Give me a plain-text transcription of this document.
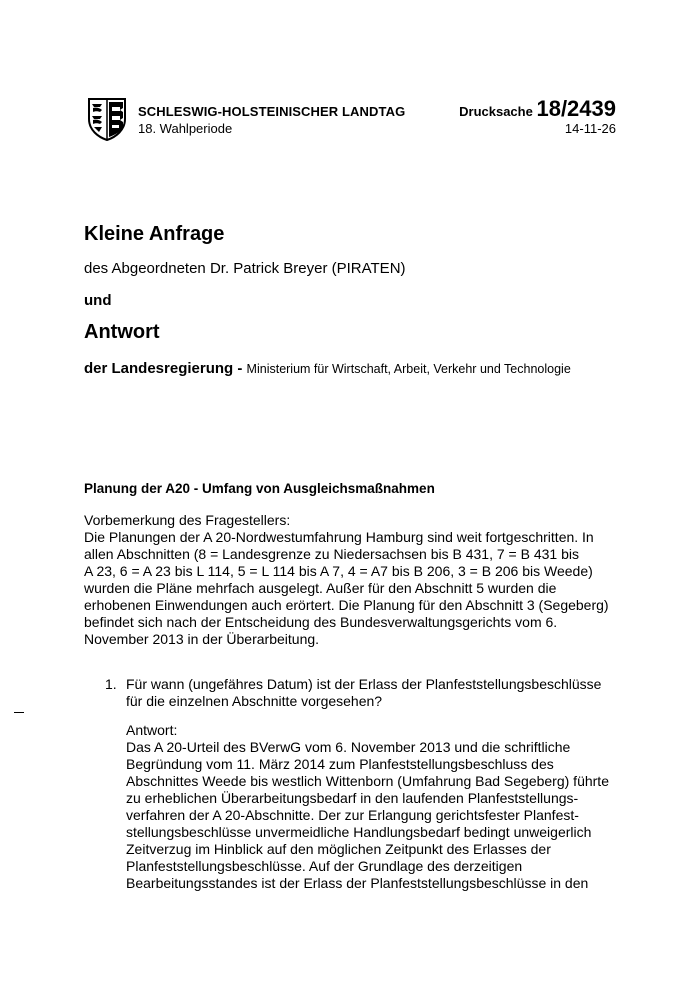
SCHLESWIG-HOLSTEINISCHER LANDTAG
18. Wahlperiode
Drucksache 18/2439
14-11-26
Kleine Anfrage
des Abgeordneten Dr. Patrick Breyer (PIRATEN)
und
Antwort
der Landesregierung - Ministerium für Wirtschaft, Arbeit, Verkehr und Technologie
Planung der A20 - Umfang von Ausgleichsmaßnahmen
Vorbemerkung des Fragestellers:
Die Planungen der A 20-Nordwestumfahrung Hamburg sind weit fortgeschritten. In
allen Abschnitten (8 = Landesgrenze zu Niedersachsen bis B 431, 7 = B 431 bis
A 23, 6 = A 23 bis L 114, 5 = L 114 bis A 7, 4 = A7 bis B 206, 3 = B 206 bis Weede)
wurden die Pläne mehrfach ausgelegt. Außer für den Abschnitt 5 wurden die
erhobenen Einwendungen auch erörtert. Die Planung für den Abschnitt 3 (Segeberg)
befindet sich nach der Entscheidung des Bundesverwaltungsgerichts vom 6.
November 2013 in der Überarbeitung.
1. Für wann (ungefähres Datum) ist der Erlass der Planfeststellungsbeschlüsse
für die einzelnen Abschnitte vorgesehen?
Antwort:
Das A 20-Urteil des BVerwG vom 6. November 2013 und die schriftliche
Begründung vom 11. März 2014 zum Planfeststellungsbeschluss des
Abschnittes Weede bis westlich Wittenborn (Umfahrung Bad Segeberg) führte
zu erheblichen Überarbeitungsbedarf in den laufenden Planfeststellungs-
verfahren der A 20-Abschnitte. Der zur Erlangung gerichtsfester Planfest-
stellungsbeschlüsse unvermeidliche Handlungsbedarf bedingt unweigerlich
Zeitverzug im Hinblick auf den möglichen Zeitpunkt des Erlasses der
Planfeststellungsbeschlüsse. Auf der Grundlage des derzeitigen
Bearbeitungsstandes ist der Erlass der Planfeststellungsbeschlüsse in den
